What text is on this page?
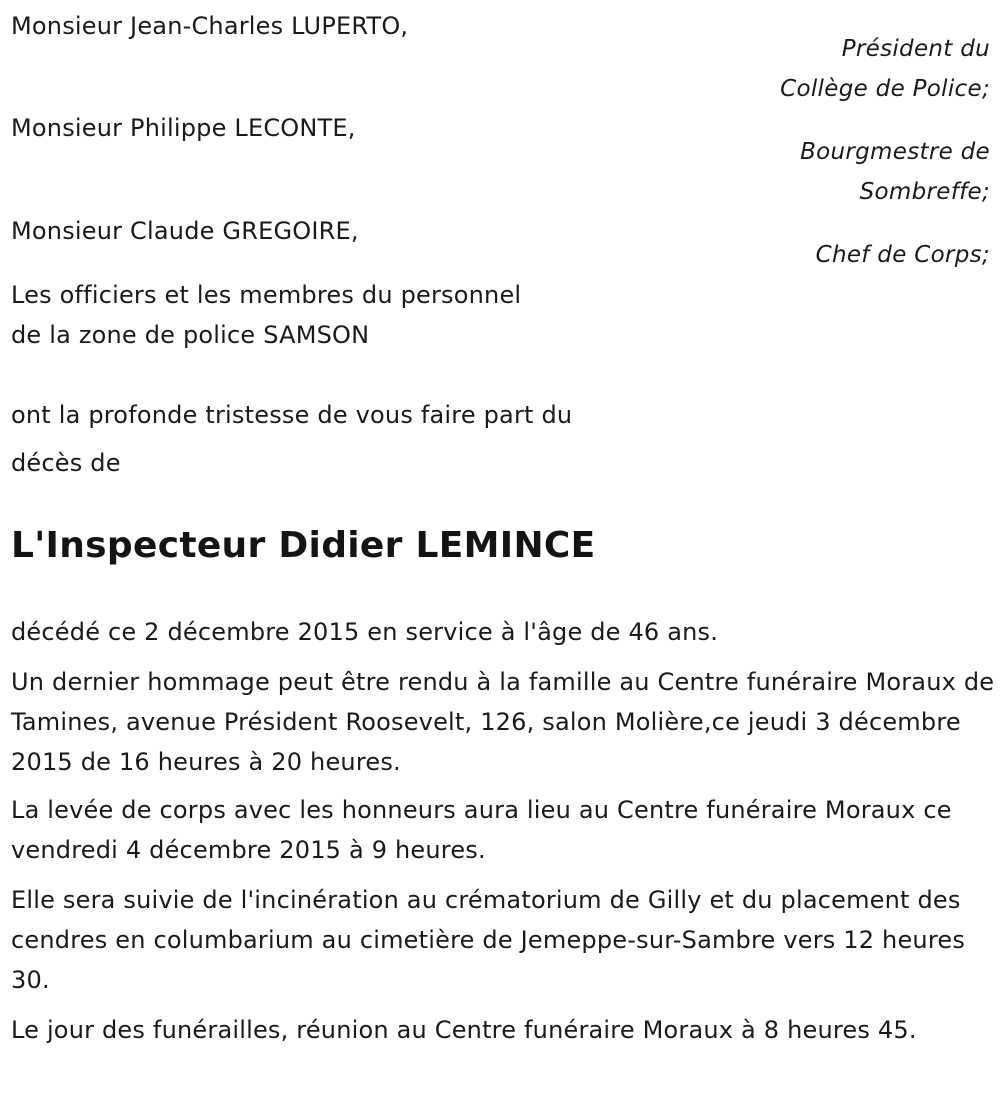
Monsieur Jean-Charles LUPERTO,
Président du
Collège de Police;
Monsieur Philippe LECONTE,
Bourgmestre de
Sombreffe;
Monsieur Claude GREGOIRE,
Chef de Corps;
Les officiers et les membres du personnel
de la zone de police SAMSON
ont la profonde tristesse de vous faire part du
décès de
L'Inspecteur Didier LEMINCE
décédé ce 2 décembre 2015 en service à l'âge de 46 ans.
Un dernier hommage peut être rendu à la famille au Centre funéraire Moraux de Tamines, avenue Président Roosevelt, 126, salon Molière,ce jeudi 3 décembre 2015 de 16 heures à 20 heures.
La levée de corps avec les honneurs aura lieu au Centre funéraire Moraux ce vendredi 4 décembre 2015 à 9 heures.
Elle sera suivie de l'incinération au crématorium de Gilly et du placement des cendres en columbarium au cimetière de Jemeppe-sur-Sambre vers 12 heures 30.
Le jour des funérailles, réunion au Centre funéraire Moraux à 8 heures 45.
